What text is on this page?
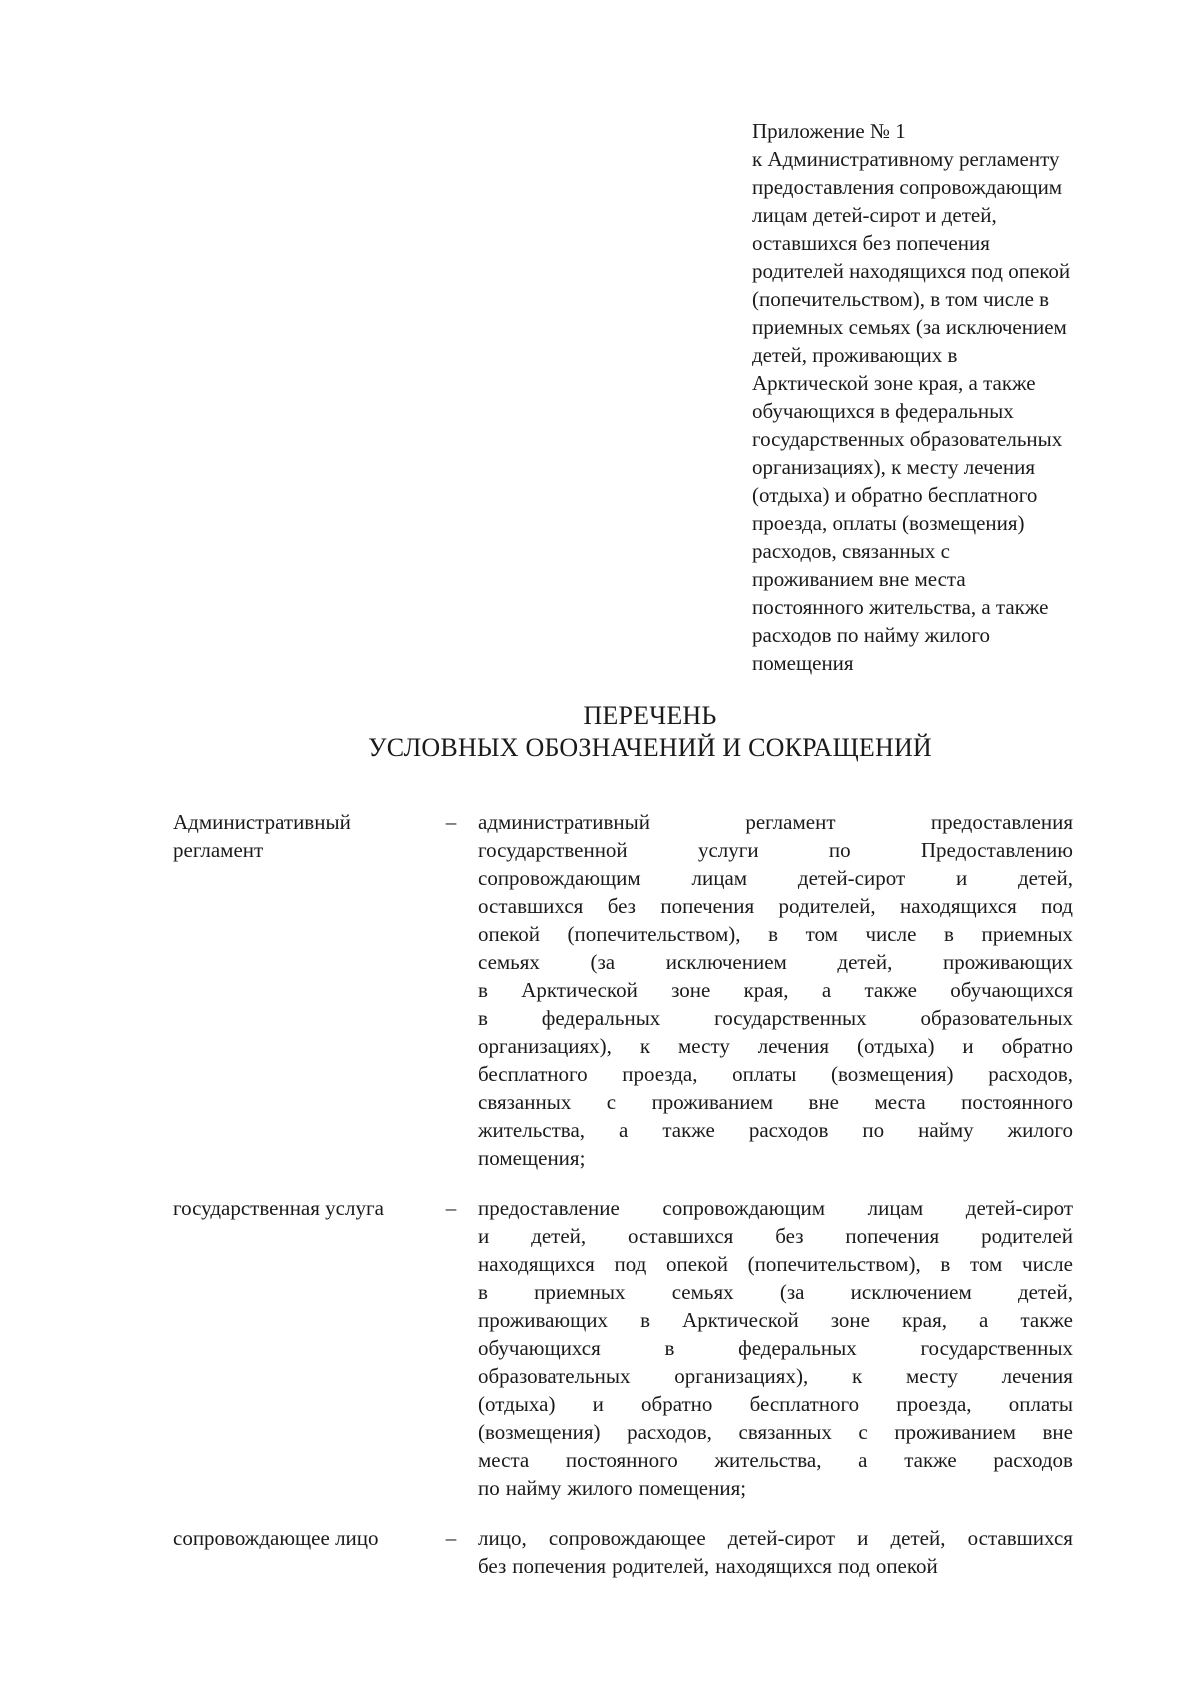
Приложение № 1
к Административному регламенту
предоставления сопровождающим
лицам детей-сирот и детей,
оставшихся без попечения
родителей находящихся под опекой
(попечительством), в том числе в
приемных семьях (за исключением
детей, проживающих в
Арктической зоне края, а также
обучающихся в федеральных
государственных образовательных
организациях), к месту лечения
(отдыха) и обратно бесплатного
проезда, оплаты (возмещения)
расходов, связанных с
проживанием вне места
постоянного жительства, а также
расходов по найму жилого
помещения
ПЕРЕЧЕНЬ
УСЛОВНЫХ ОБОЗНАЧЕНИЙ И СОКРАЩЕНИЙ
Административный
регламент
– административный	регламент	предоставления
государственной	услуги	по	Предоставлению
сопровождающим лицам детей-сирот и детей,
оставшихся без попечения родителей, находящихся под
опекой (попечительством), в том числе в приемных
семьях (за исключением детей, проживающих
в Арктической зоне края, а также обучающихся
в	федеральных	государственных	образовательных
организациях), к месту лечения (отдыха) и обратно
бесплатного проезда, оплаты (возмещения) расходов,
связанных с проживанием вне места постоянного
жительства, а также расходов по найму жилого
помещения;
государственная услуга	– предоставление сопровождающим лицам детей-сирот
и детей, оставшихся без попечения родителей
находящихся под опекой (попечительством), в том числе
в приемных семьях (за исключением детей,
проживающих в Арктической зоне края, а также
обучающихся	в	федеральных	государственных
образовательных организациях), к месту лечения
(отдыха) и обратно бесплатного проезда, оплаты
(возмещения) расходов, связанных с проживанием вне
места постоянного жительства, а также расходов
по найму жилого помещения;
сопровождающее лицо	– лицо, сопровождающее детей-сирот и детей, оставшихся
без попечения родителей, находящихся под опекой
